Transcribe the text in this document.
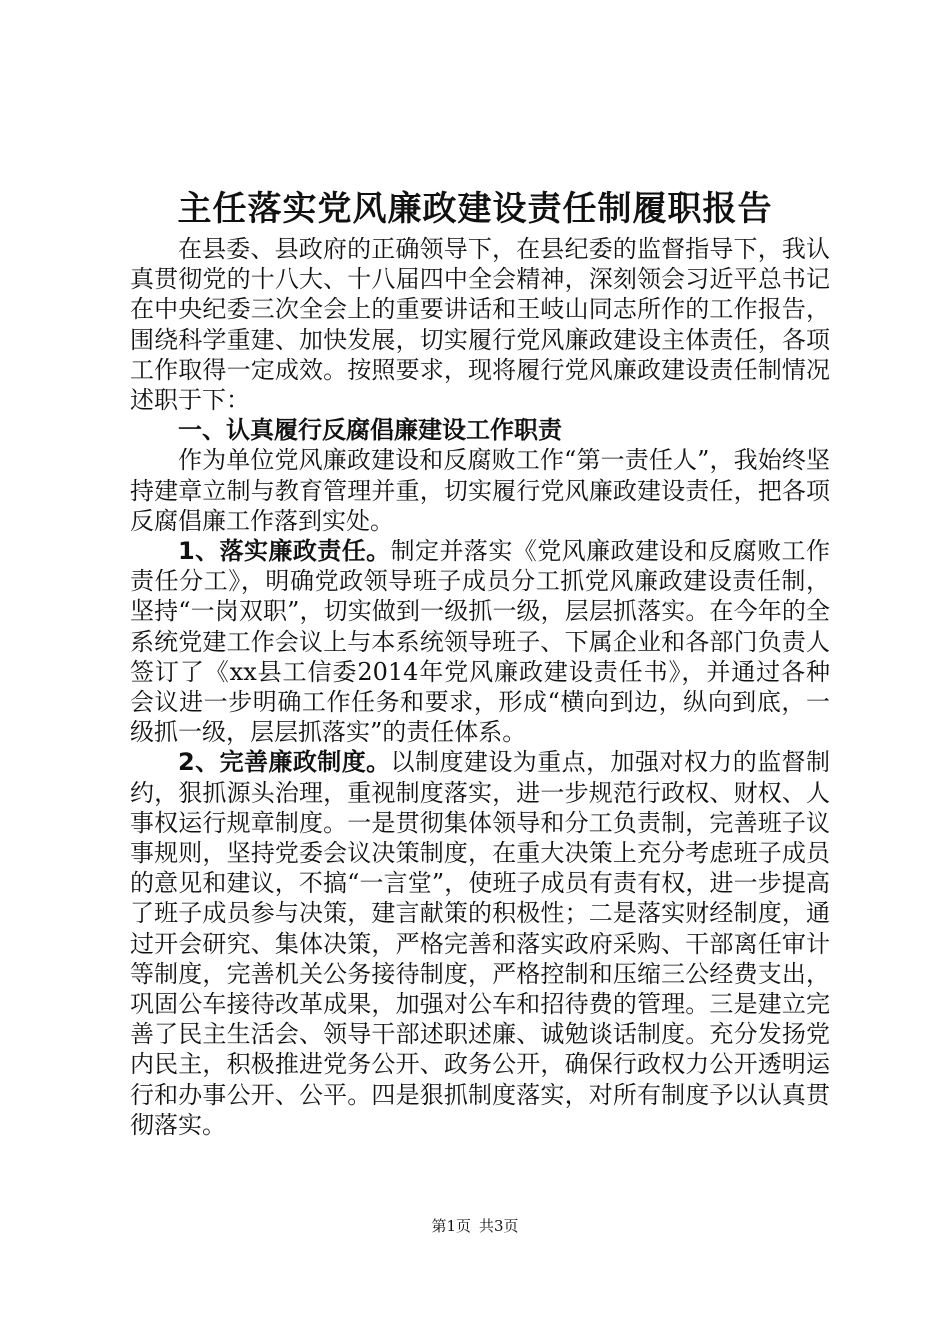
主任落实党风廉政建设责任制履职报告

在县委、县政府的正确领导下，在县纪委的监督指导下，我认真贯彻党的十八大、十八届四中全会精神，深刻领会习近平总书记在中央纪委三次全会上的重要讲话和王岐山同志所作的工作报告，围绕科学重建、加快发展，切实履行党风廉政建设主体责任，各项工作取得一定成效。按照要求，现将履行党风廉政建设责任制情况述职于下：

一、认真履行反腐倡廉建设工作职责

作为单位党风廉政建设和反腐败工作“第一责任人”，我始终坚持建章立制与教育管理并重，切实履行党风廉政建设责任，把各项反腐倡廉工作落到实处。

1、落实廉政责任。制定并落实《党风廉政建设和反腐败工作责任分工》，明确党政领导班子成员分工抓党风廉政建设责任制，坚持“一岗双职”，切实做到一级抓一级，层层抓落实。在今年的全系统党建工作会议上与本系统领导班子、下属企业和各部门负责人签订了《xx县工信委2014年党风廉政建设责任书》，并通过各种会议进一步明确工作任务和要求，形成“横向到边，纵向到底，一级抓一级，层层抓落实”的责任体系。

2、完善廉政制度。以制度建设为重点，加强对权力的监督制约，狠抓源头治理，重视制度落实，进一步规范行政权、财权、人事权运行规章制度。一是贯彻集体领导和分工负责制，完善班子议事规则，坚持党委会议决策制度，在重大决策上充分考虑班子成员的意见和建议，不搞“一言堂”，使班子成员有责有权，进一步提高了班子成员参与决策，建言献策的积极性；二是落实财经制度，通过开会研究、集体决策，严格完善和落实政府采购、干部离任审计等制度，完善机关公务接待制度，严格控制和压缩三公经费支出，巩固公车接待改革成果，加强对公车和招待费的管理。三是建立完善了民主生活会、领导干部述职述廉、诚勉谈话制度。充分发扬党内民主，积极推进党务公开、政务公开，确保行政权力公开透明运行和办事公开、公平。四是狠抓制度落实，对所有制度予以认真贯彻落实。

第1页 共3页
